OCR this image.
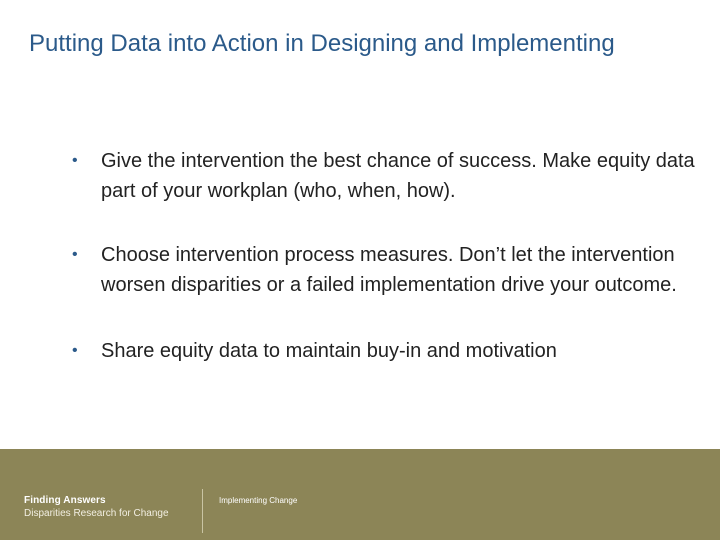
Putting Data into Action in Designing and Implementing
• Give the intervention the best chance of success. Make equity data part of your workplan (who, when, how).
• Choose intervention process measures. Don’t let the intervention worsen disparities or a failed implementation drive your outcome.
• Share equity data to maintain buy-in and motivation
Finding Answers
Disparities Research for Change
Implementing Change
